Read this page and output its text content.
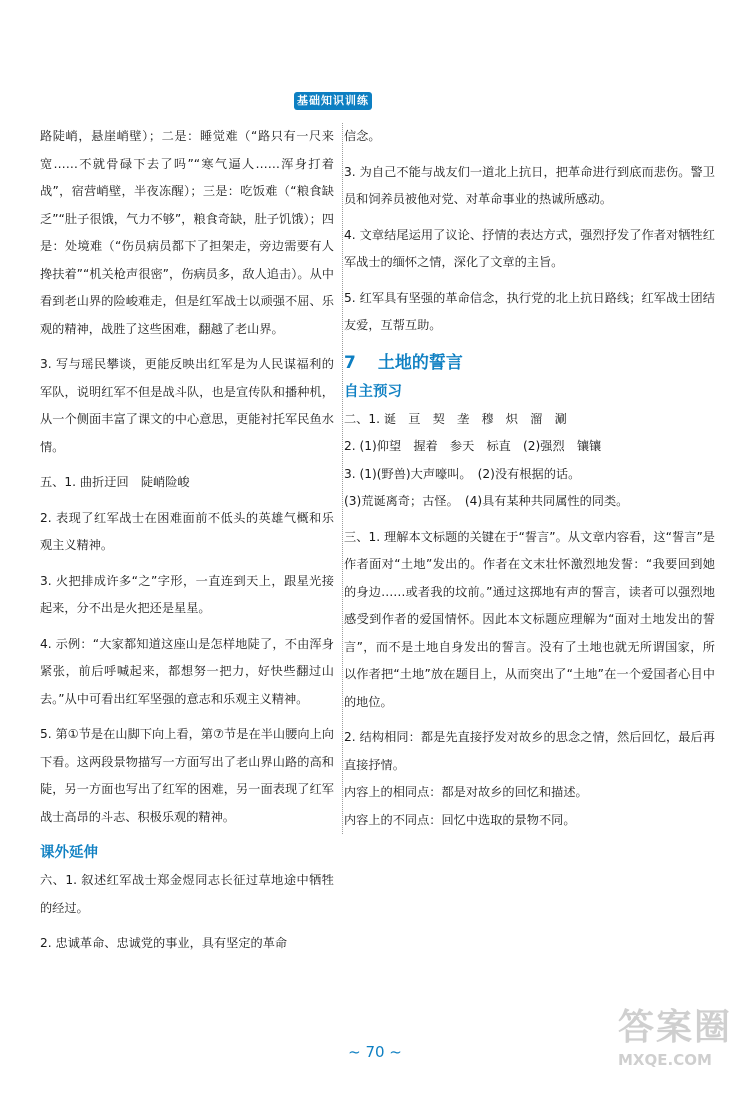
基础知识训练

路陡峭，悬崖峭壁）；二是：睡觉难（“路只有一尺来宽……不就骨碌下去了吗”“寒气逼人……浑身打着战”，宿营峭壁，半夜冻醒）；三是：吃饭难（“粮食缺乏”“肚子很饿，气力不够”，粮食奇缺，肚子饥饿）；四是：处境难（“伤员病员都下了担架走，旁边需要有人搀扶着”“机关枪声很密”，伤病员多，敌人追击）。从中看到老山界的险峻难走，但是红军战士以顽强不屈、乐观的精神，战胜了这些困难，翻越了老山界。

3. 写与瑶民攀谈，更能反映出红军是为人民谋福利的军队，说明红军不但是战斗队，也是宣传队和播种机，从一个侧面丰富了课文的中心意思，更能衬托军民鱼水情。

五、1. 曲折迂回　陡峭险峻

2. 表现了红军战士在困难面前不低头的英雄气概和乐观主义精神。

3. 火把排成许多“之”字形，一直连到天上，跟星光接起来，分不出是火把还是星星。

4. 示例：“大家都知道这座山是怎样地陡了，不由浑身紧张，前后呼喊起来，都想努一把力，好快些翻过山去。”从中可看出红军坚强的意志和乐观主义精神。

5. 第①节是在山脚下向上看，第⑦节是在半山腰向上向下看。这两段景物描写一方面写出了老山界山路的高和陡，另一方面也写出了红军的困难，另一面表现了红军战士高昂的斗志、积极乐观的精神。

课外延伸

六、1. 叙述红军战士郑金煜同志长征过草地途中牺牲的经过。

2. 忠诚革命、忠诚党的事业，具有坚定的革命

信念。

3. 为自己不能与战友们一道北上抗日，把革命进行到底而悲伤。警卫员和饲养员被他对党、对革命事业的热诚所感动。

4. 文章结尾运用了议论、抒情的表达方式，强烈抒发了作者对牺牲红军战士的缅怀之情，深化了文章的主旨。

5. 红军具有坚强的革命信念，执行党的北上抗日路线；红军战士团结友爱，互帮互助。

7 土地的誓言

自主预习

二、1. 诞　亘　契　垄　穆　炽　溜　涮

2. (1)仰望　握着　参天　标直　(2)强烈　镶镶

3. (1)(野兽)大声嚎叫。　(2)没有根据的话。

(3)荒诞离奇；古怪。　(4)具有某种共同属性的同类。

三、1. 理解本文标题的关键在于“誓言”。从文章内容看，这“誓言”是作者面对“土地”发出的。作者在文末壮怀激烈地发誓：“我要回到她的身边……或者我的坟前。”通过这掷地有声的誓言，读者可以强烈地感受到作者的爱国情怀。因此本文标题应理解为“面对土地发出的誓言”，而不是土地自身发出的誓言。没有了土地也就无所谓国家，所以作者把“土地”放在题目上，从而突出了“土地”在一个爱国者心目中的地位。

2. 结构相同：都是先直接抒发对故乡的思念之情，然后回忆，最后再直接抒情。

内容上的相同点：都是对故乡的回忆和描述。

内容上的不同点：回忆中选取的景物不同。

~ 70 ~
答案圈
MXQE.COM
